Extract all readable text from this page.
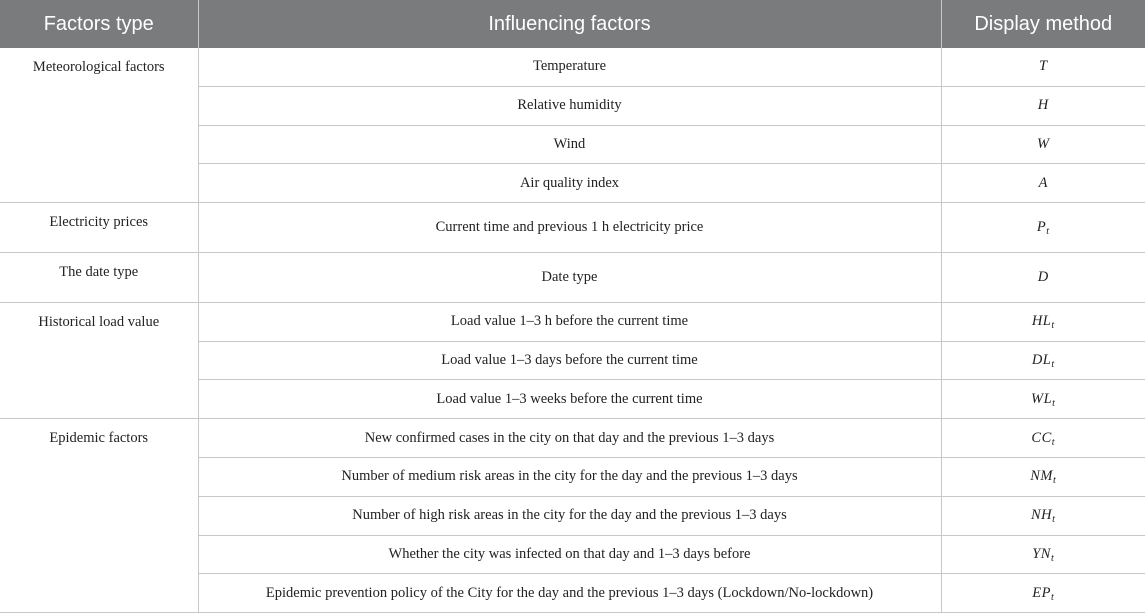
Factors type	Influencing factors	Display method
Meteorological factors	Temperature	T
	Relative humidity	H
	Wind	W
	Air quality index	A
Electricity prices	Current time and previous 1 h electricity price	$P_t$
The date type	Date type	D
Historical load value	Load value 1–3 h before the current time	$HL_t$
	Load value 1–3 days before the current time	$DL_t$
	Load value 1–3 weeks before the current time	$WL_t$
Epidemic factors	New confirmed cases in the city on that day and the previous 1–3 days	$CC_t$
	Number of medium risk areas in the city for the day and the previous 1–3 days	$NM_t$
	Number of high risk areas in the city for the day and the previous 1–3 days	$NH_t$
	Whether the city was infected on that day and 1–3 days before	$YN_t$
	Epidemic prevention policy of the City for the day and the previous 1–3 days (Lockdown/No-lockdown)	$EP_t$
